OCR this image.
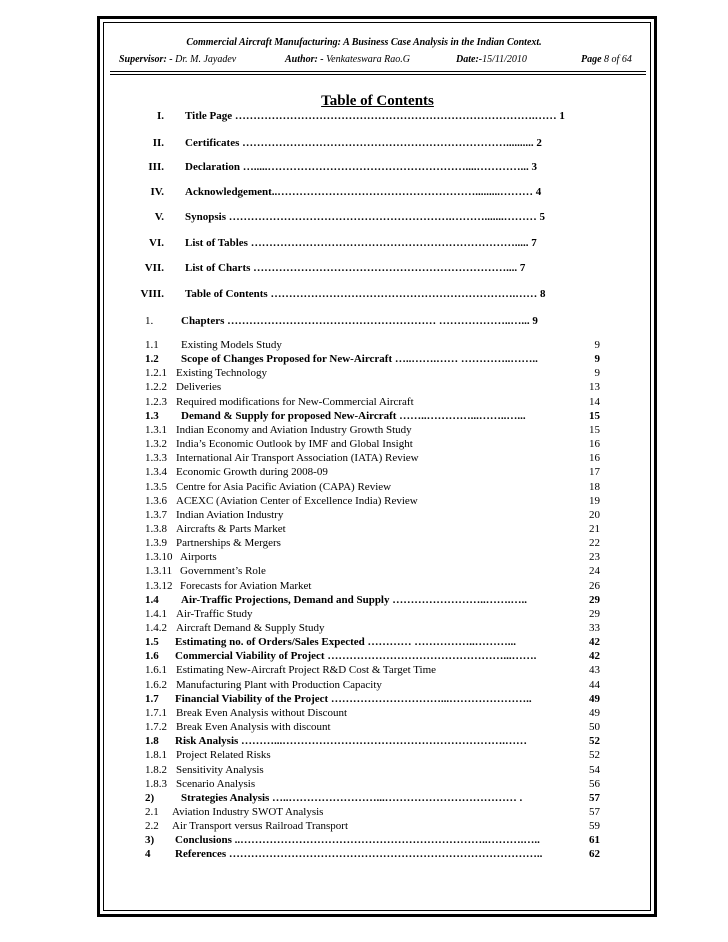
Commercial Aircraft Manufacturing: A Business Case Analysis in the Indian Context.
Supervisor: - Dr. M. Jayadev	Author: - Venkateswara Rao.G	Date:-15/11/2010	Page 8 of 64
Table of Contents
I. Title Page ……………………………………………………………………….…… 1
II. Certificates ……………………………………………………………….......... 2
III. Declaration ….....………………………………………………....…………... 3
IV. Acknowledgement..……………………………………………….........……… 4
V. Synopsis …………………………………………………….……….......……… 5
VI. List of Tables ………………………………………………………………..... 7
VII. List of Charts …………………………………………………………….... 7
VIII. Table of Contents ………………………………………………………….…… 8
1.	Chapters ………………………………………………… ………………..…... 9
1.1 Existing Models Study	9
1.2 Scope of Changes Proposed for New-Aircraft …..…….…… …………..……..	9
1.2.1 Existing Technology	9
1.2.2 Deliveries	13
1.2.3 Required modifications for New-Commercial Aircraft	14
1.3 Demand & Supply for proposed New-Aircraft ……..…………...……..…...	15
1.3.1 Indian Economy and Aviation Industry Growth Study	15
1.3.2 India’s Economic Outlook by IMF and Global Insight	16
1.3.3 International Air Transport Association (IATA) Review	16
1.3.4 Economic Growth during 2008-09	17
1.3.5 Centre for Asia Pacific Aviation (CAPA) Review	18
1.3.6 ACEXC (Aviation Center of Excellence India) Review	19
1.3.7 Indian Aviation Industry	20
1.3.8 Aircrafts & Parts Market	21
1.3.9 Partnerships & Mergers	22
1.3.10 Airports	23
1.3.11 Government’s Role	24
1.3.12 Forecasts for Aviation Market	26
1.4 Air-Traffic Projections, Demand and Supply ……………………..…….…..	29
1.4.1 Air-Traffic Study	29
1.4.2 Aircraft Demand & Supply Study	33
1.5 Estimating no. of Orders/Sales Expected ………… ……………..………...	42
1.6 Commercial Viability of Project …………………………………………...…….	42
1.6.1 Estimating New-Aircraft Project R&D Cost & Target Time	43
1.6.2 Manufacturing Plant with Production Capacity	44
1.7 Financial Viability of the Project …………………………...…………………..	49
1.7.1 Break Even Analysis without Discount	49
1.7.2 Break Even Analysis with discount	50
1.8 Risk Analysis ………...…………………………………………………….……	52
1.8.1 Project Related Risks	52
1.8.2 Sensitivity Analysis	54
1.8.3 Scenario Analysis	56
2) Strategies Analysis …..……………………...……………………………… .	57
2.1 Aviation Industry SWOT Analysis	57
2.2 Air Transport versus Railroad Transport	59
3) Conclusions ..…………………………………………………………..……….…..	61
4 References …………………………………………………………………………..	62
